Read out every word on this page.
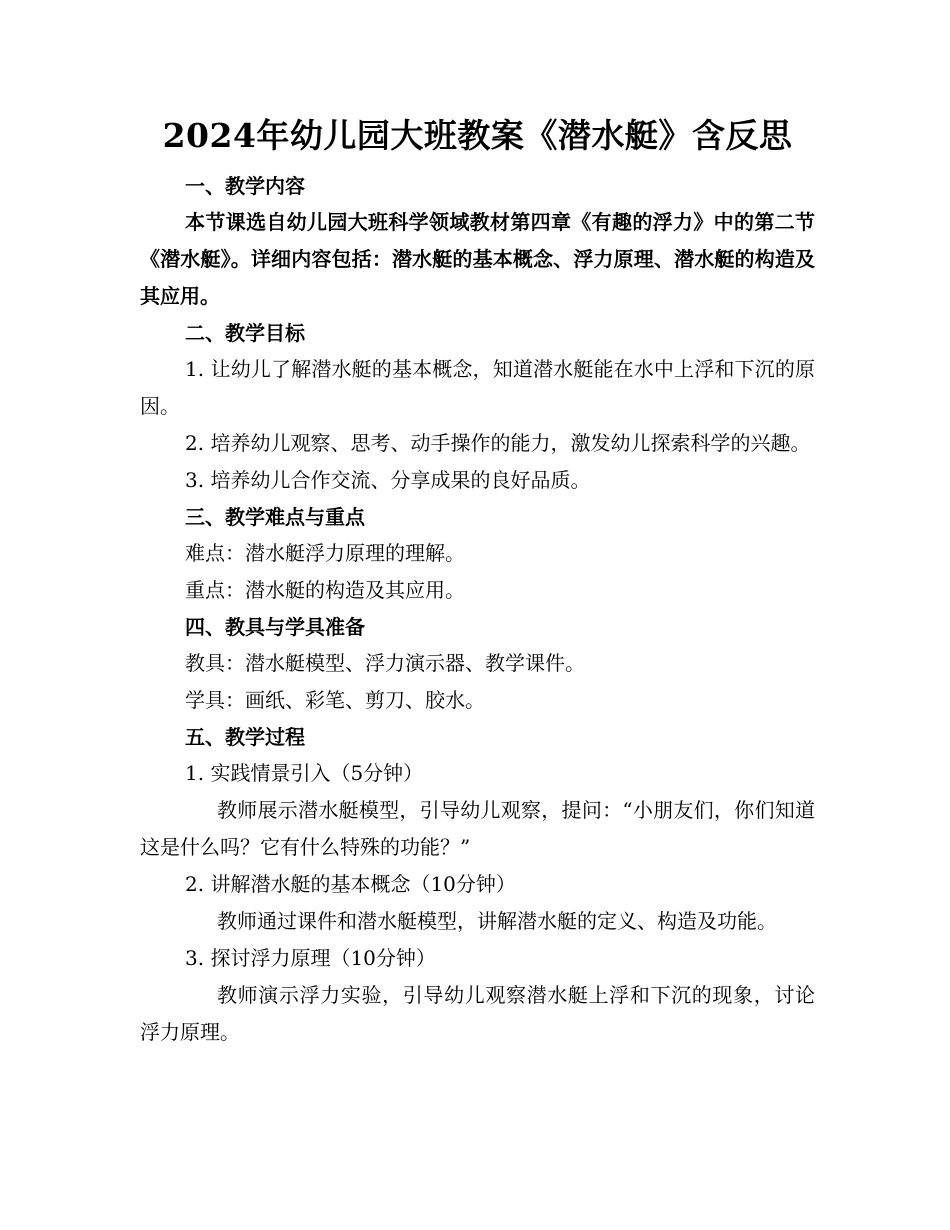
2024年幼儿园大班教案《潜水艇》含反思
一、教学内容
本节课选自幼儿园大班科学领域教材第四章《有趣的浮力》中的第二节《潜水艇》。详细内容包括：潜水艇的基本概念、浮力原理、潜水艇的构造及其应用。
二、教学目标
1. 让幼儿了解潜水艇的基本概念，知道潜水艇能在水中上浮和下沉的原因。
2. 培养幼儿观察、思考、动手操作的能力，激发幼儿探索科学的兴趣。
3. 培养幼儿合作交流、分享成果的良好品质。
三、教学难点与重点
难点：潜水艇浮力原理的理解。
重点：潜水艇的构造及其应用。
四、教具与学具准备
教具：潜水艇模型、浮力演示器、教学课件。
学具：画纸、彩笔、剪刀、胶水。
五、教学过程
1. 实践情景引入（5分钟）
教师展示潜水艇模型，引导幼儿观察，提问：“小朋友们，你们知道这是什么吗？它有什么特殊的功能？”
2. 讲解潜水艇的基本概念（10分钟）
教师通过课件和潜水艇模型，讲解潜水艇的定义、构造及功能。
3. 探讨浮力原理（10分钟）
教师演示浮力实验，引导幼儿观察潜水艇上浮和下沉的现象，讨论浮力原理。
